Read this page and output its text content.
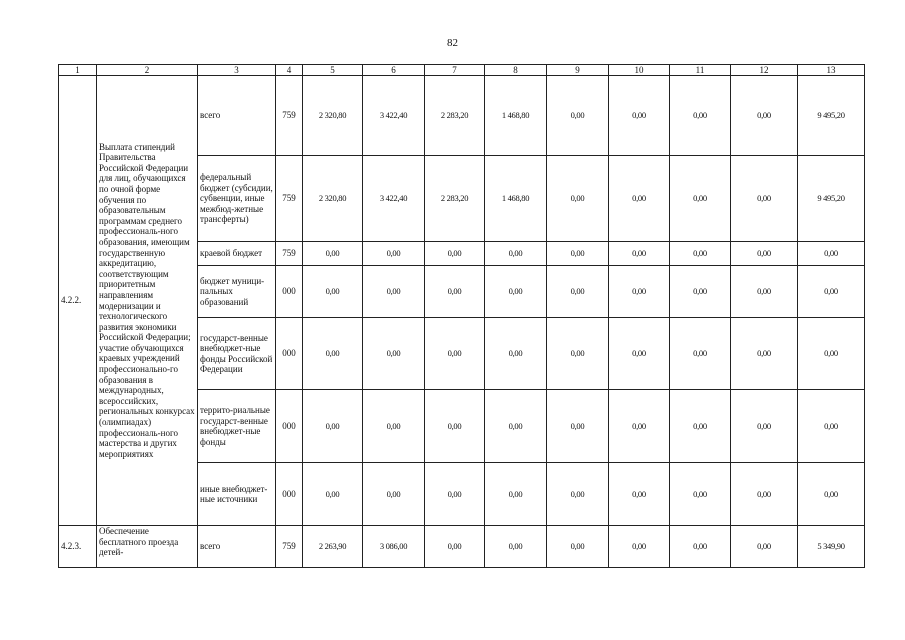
82
1	2	3	4	5	6	7	8	9	10	11	12	13
4.2.2.	Выплата стипендий Правительства Российской Федерации для лиц, обучающихся по очной форме обучения по образовательным программам среднего профессиональ-ного образования, имеющим государственную аккредитацию, соответствующим приоритетным направлениям модернизации и технологического развития экономики Российской Федерации; участие обучающихся краевых учреждений профессионально-го образования в международных, всероссийских, региональных конкурсах (олимпиадах) профессиональ-ного мастерства и других мероприятиях	всего	759	2 320,80	3 422,40	2 283,20	1 468,80	0,00	0,00	0,00	0,00	9 495,20
		федеральный бюджет (субсидии, субвенции, иные межбюд-жетные трансферты)	759	2 320,80	3 422,40	2 283,20	1 468,80	0,00	0,00	0,00	0,00	9 495,20
		краевой бюджет	759	0,00	0,00	0,00	0,00	0,00	0,00	0,00	0,00	0,00
		бюджет муници-пальных образований	000	0,00	0,00	0,00	0,00	0,00	0,00	0,00	0,00	0,00
		государст-венные внебюджет-ные фонды Российской Федерации	000	0,00	0,00	0,00	0,00	0,00	0,00	0,00	0,00	0,00
		террито-риальные государст-венные внебюджет-ные фонды	000	0,00	0,00	0,00	0,00	0,00	0,00	0,00	0,00	0,00
		иные внебюджет-ные источники	000	0,00	0,00	0,00	0,00	0,00	0,00	0,00	0,00	0,00
4.2.3.	Обеспечение бесплатного проезда детей-	всего	759	2 263,90	3 086,00	0,00	0,00	0,00	0,00	0,00	0,00	5 349,90
